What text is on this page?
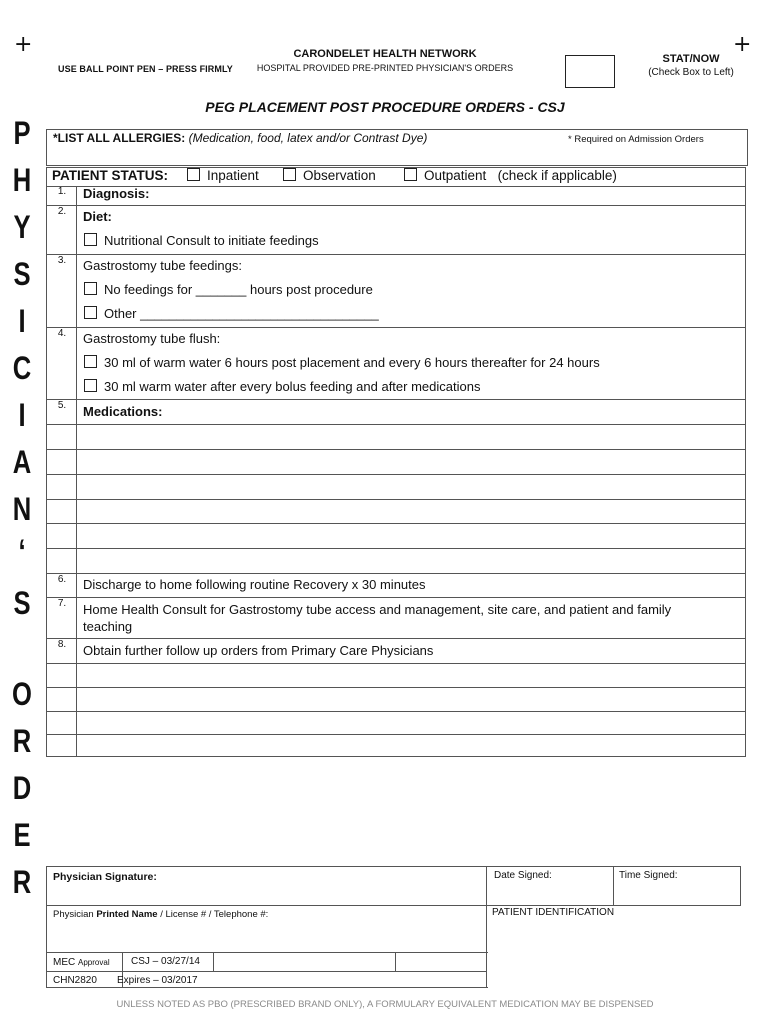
+	+
USE BALL POINT PEN – PRESS FIRMLY
CARONDELET HEALTH NETWORK
HOSPITAL PROVIDED PRE-PRINTED PHYSICIAN'S ORDERS
STAT/NOW
(Check Box to Left)
PEG PLACEMENT POST PROCEDURE ORDERS - CSJ
P
H
Y
S
I
C
I
A
N
‘
S
O
R
D
E
R
*LIST ALL ALLERGIES: (Medication, food, latex and/or Contrast Dye)	* Required on Admission Orders
PATIENT STATUS:	Inpatient	Observation	Outpatient (check if applicable)
1.	Diagnosis:
2.	Diet:
Nutritional Consult to initiate feedings
3.	Gastrostomy tube feedings:
No feedings for _______ hours post procedure
Other _________________________________
4.	Gastrostomy tube flush:
30 ml of warm water 6 hours post placement and every 6 hours thereafter for 24 hours
30 ml warm water after every bolus feeding and after medications
5.	Medications:
6.	Discharge to home following routine Recovery x 30 minutes
7.	Home Health Consult for Gastrostomy tube access and management, site care, and patient and family
teaching
8.	Obtain further follow up orders from Primary Care Physicians
Physician Signature:	Date Signed:	Time Signed:
Physician Printed Name / License # / Telephone #:	PATIENT IDENTIFICATION
MEC Approval CSJ – 03/27/14
CHN2820 Expires – 03/2017
UNLESS NOTED AS PBO (PRESCRIBED BRAND ONLY), A FORMULARY EQUIVALENT MEDICATION MAY BE DISPENSED
